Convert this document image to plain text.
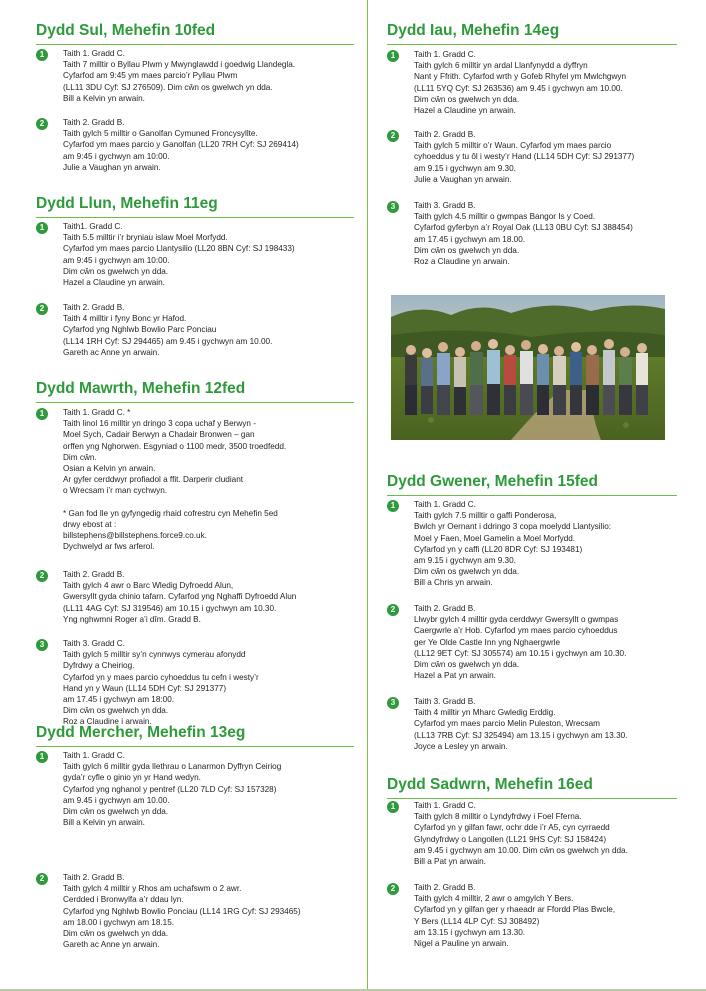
Dydd Sul, Mehefin 10fed
1	Taith 1. Gradd C.
Taith 7 milltir o Byllau Plwm y Mwynglawdd i goedwig Llandegla.
Cyfarfod am 9:45 ym maes parcio’r Pyllau Plwm
(LL11 3DU Cyf: SJ 276509). Dim cŵn os gwelwch yn dda.
Bill a Kelvin yn arwain.
2	Taith 2. Gradd B.
Taith gylch 5 milltir o Ganolfan Cymuned Froncysyllte.
Cyfarfod ym maes parcio y Ganolfan (LL20 7RH Cyf: SJ 269414)
am 9:45 i gychwyn am 10:00.
Julie a Vaughan yn arwain.
Dydd Llun, Mehefin 11eg
1	Taith1. Gradd C.
Taith 5.5 milltir i’r bryniau islaw Moel Morfydd.
Cyfarfod ym maes parcio Llantysilio (LL20 8BN Cyf: SJ 198433)
am 9:45 i gychwyn am 10:00.
Dim cŵn os gwelwch yn dda.
Hazel a Claudine yn arwain.
2	Taith 2. Gradd B.
Taith 4 milltir i fyny Bonc yr Hafod.
Cyfarfod yng Nghlwb Bowlio Parc Ponciau
(LL14 1RH Cyf: SJ 294465) am 9.45 i gychwyn am 10.00.
Gareth ac Anne yn arwain.
Dydd Mawrth, Mehefin 12fed
1	Taith 1. Gradd C. *
Taith linol 16 milltir yn dringo 3 copa uchaf y Berwyn -
Moel Sych, Cadair Berwyn a Chadair Bronwen – gan
orffen yng Nghorwen. Esgyniad o 1100 medr, 3500 troedfedd.
Dim cŵn.
Osian a Kelvin yn arwain.
Ar gyfer cerddwyr profiadol a ffit. Darperir cludiant
o Wrecsam i’r man cychwyn.
* Gan fod lle yn gyfyngedig rhaid cofrestru cyn Mehefin 5ed
drwy ebost at :
billstephens@billstephens.force9.co.uk.
Dychwelyd ar fws arferol.
2	Taith 2. Gradd B.
Taith gylch 4 awr o Barc Wledig Dyfroedd Alun,
Gwersyllt gyda chinio tafarn. Cyfarfod yng Nghaffi Dyfroedd Alun
(LL11 4AG Cyf: SJ 319546) am 10.15 i gychwyn am 10.30.
Yng nghwmni Roger a’i dîm. Gradd B.
3	Taith 3. Gradd C.
Taith gylch 5 milltir sy’n cynnwys cymerau afonydd
Dyfrdwy a Cheiriog.
Cyfarfod yn y maes parcio cyhoeddus tu cefn i westy’r
Hand yn y Waun (LL14 5DH Cyf: SJ 291377)
am 17.45 i gychwyn am 18:00.
Dim cŵn os gwelwch yn dda.
Roz a Claudine i arwain.
Dydd Mercher, Mehefin 13eg
1	Taith 1. Gradd C.
Taith gylch 6 milltir gyda llethrau o Lanarmon Dyffryn Ceiriog
gyda’r cyfle o ginio yn yr Hand wedyn.
Cyfarfod yng nghanol y pentref (LL20 7LD Cyf: SJ 157328)
am 9.45 i gychwyn am 10.00.
Dim cŵn os gwelwch yn dda.
Bill a Kelvin yn arwain.
2	Taith 2. Gradd B.
Taith gylch 4 milltir y Rhos am uchafswm o 2 awr.
Cerdded i Bronwylfa a’r ddau lyn.
Cyfarfod yng Nghlwb Bowlio Ponciau (LL14 1RG Cyf: SJ 293465)
am 18.00 i gychwyn am 18.15.
Dim cŵn os gwelwch yn dda.
Gareth ac Anne yn arwain.
Dydd Iau, Mehefin 14eg
1	Taith 1. Gradd C.
Taith gylch 6 milltir yn ardal Llanfynydd a dyffryn
Nant y Ffrith. Cyfarfod wrth y Gofeb Rhyfel ym Mwlchgwyn
(LL11 5YQ Cyf: SJ 263536) am 9.45 i gychwyn am 10.00.
Dim cŵn os gwelwch yn dda.
Hazel a Claudine yn arwain.
2	Taith 2. Gradd B.
Taith gylch 5 milltir o’r Waun. Cyfarfod ym maes parcio
cyhoeddus y tu ôl i westy’r Hand (LL14 5DH Cyf: SJ 291377)
am 9.15 i gychwyn am 9.30.
Julie a Vaughan yn arwain.
3	Taith 3. Gradd B.
Taith gylch 4.5 milltir o gwmpas Bangor Is y Coed.
Cyfarfod gyferbyn a’r Royal Oak (LL13 0BU Cyf: SJ 388454)
am 17.45 i gychwyn am 18.00.
Dim cŵn os gwelwch yn dda.
Roz a Claudine yn arwain.
Dydd Gwener, Mehefin 15fed
1	Taith 1. Gradd C.
Taith gylch 7.5 milltir o gaffi Ponderosa,
Bwlch yr Oernant i ddringo 3 copa moelydd Llantysilio:
Moel y Faen, Moel Gamelin a Moel Morfydd.
Cyfarfod yn y caffi (LL20 8DR Cyf: SJ 193481)
am 9.15 i gychwyn am 9.30.
Dim cŵn os gwelwch yn dda.
Bill a Chris yn arwain.
2	Taith 2. Gradd B.
Llwybr gylch 4 milltir gyda cerddwyr Gwersyllt o gwmpas
Caergwrle a’r Hob. Cyfarfod ym maes parcio cyhoeddus
ger Ye Olde Castle Inn yng Nghaergwrle
(LL12 9ET Cyf: SJ 305574) am 10.15 i gychwyn am 10.30.
Dim cŵn os gwelwch yn dda.
Hazel a Pat yn arwain.
3	Taith 3. Gradd B.
Taith 4 milltir yn Mharc Gwledig Erddig.
Cyfarfod ym maes parcio Melin Puleston, Wrecsam
(LL13 7RB Cyf: SJ 325494) am 13.15 i gychwyn am 13.30.
Joyce a Lesley yn arwain.
Dydd Sadwrn, Mehefin 16ed
1	Taith 1. Gradd C.
Taith gylch 8 milltir o Lyndyfrdwy i Foel Fferna.
Cyfarfod yn y gilfan fawr, ochr dde i’r A5, cyn cyrraedd
Glyndyfrdwy o Langollen (LL21 9HS Cyf: SJ 158424)
am 9.45 i gychwyn am 10.00. Dim cŵn os gwelwch yn dda.
Bill a Pat yn arwain.
2	Taith 2. Gradd B.
Taith gylch 4 milltir, 2 awr o amgylch Y Bers.
Cyfarfod yn y gilfan ger y rhaeadr ar Ffordd Plas Bwcle,
Y Bers (LL14 4LP Cyf: SJ 308492)
am 13.15 i gychwyn am 13.30.
Nigel a Pauline yn arwain.
